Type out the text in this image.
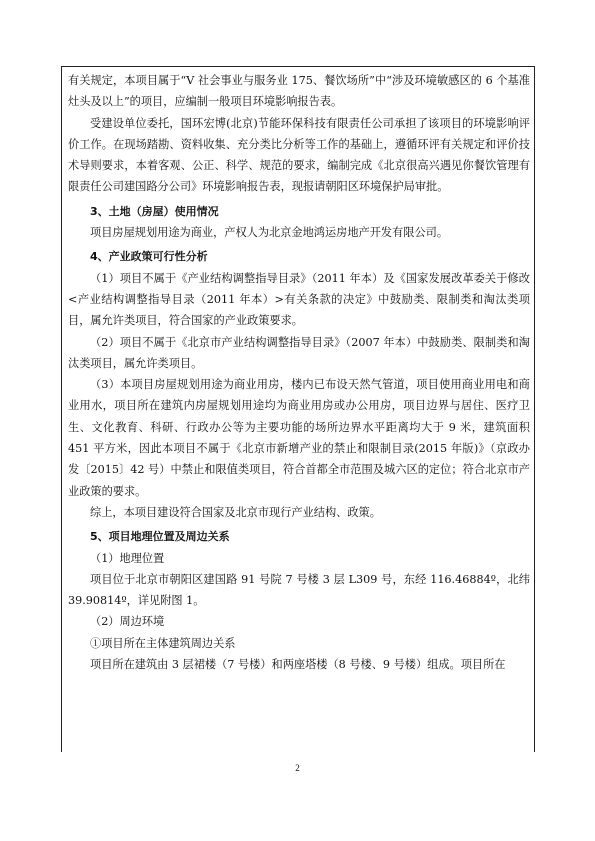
有关规定，本项目属于“V 社会事业与服务业 175、餐饮场所”中“涉及环境敏感区的 6 个基准灶头及以上”的项目，应编制一般项目环境影响报告表。

受建设单位委托，国环宏博(北京)节能环保科技有限责任公司承担了该项目的环境影响评价工作。在现场踏勘、资料收集、充分类比分析等工作的基础上，遵循环评有关规定和评价技术导则要求，本着客观、公正、科学、规范的要求，编制完成《北京很高兴遇见你餐饮管理有限责任公司建国路分公司》环境影响报告表，现报请朝阳区环境保护局审批。

3、土地（房屋）使用情况

项目房屋规划用途为商业，产权人为北京金地鸿运房地产开发有限公司。

4、产业政策可行性分析

（1）项目不属于《产业结构调整指导目录》（2011 年本）及《国家发展改革委关于修改<产业结构调整指导目录（2011 年本）>有关条款的决定》中鼓励类、限制类和淘汰类项目，属允许类项目，符合国家的产业政策要求。

（2）项目不属于《北京市产业结构调整指导目录》（2007 年本）中鼓励类、限制类和淘汰类项目，属允许类项目。

（3）本项目房屋规划用途为商业用房，楼内已布设天然气管道，项目使用商业用电和商业用水，项目所在建筑内房屋规划用途均为商业用房或办公用房，项目边界与居住、医疗卫生、文化教育、科研、行政办公等为主要功能的场所边界水平距离均大于 9 米，建筑面积 451 平方米，因此本项目不属于《北京市新增产业的禁止和限制目录(2015 年版)》（京政办发〔2015〕42 号）中禁止和限值类项目，符合首都全市范围及城六区的定位；符合北京市产业政策的要求。

综上，本项目建设符合国家及北京市现行产业结构、政策。

5、项目地理位置及周边关系

（1）地理位置

项目位于北京市朝阳区建国路 91 号院 7 号楼 3 层 L309 号，东经 116.46884º，北纬 39.90814º，详见附图 1。

（2）周边环境

①项目所在主体建筑周边关系

项目所在建筑由 3 层裙楼（7 号楼）和两座塔楼（8 号楼、9 号楼）组成。项目所在

2
